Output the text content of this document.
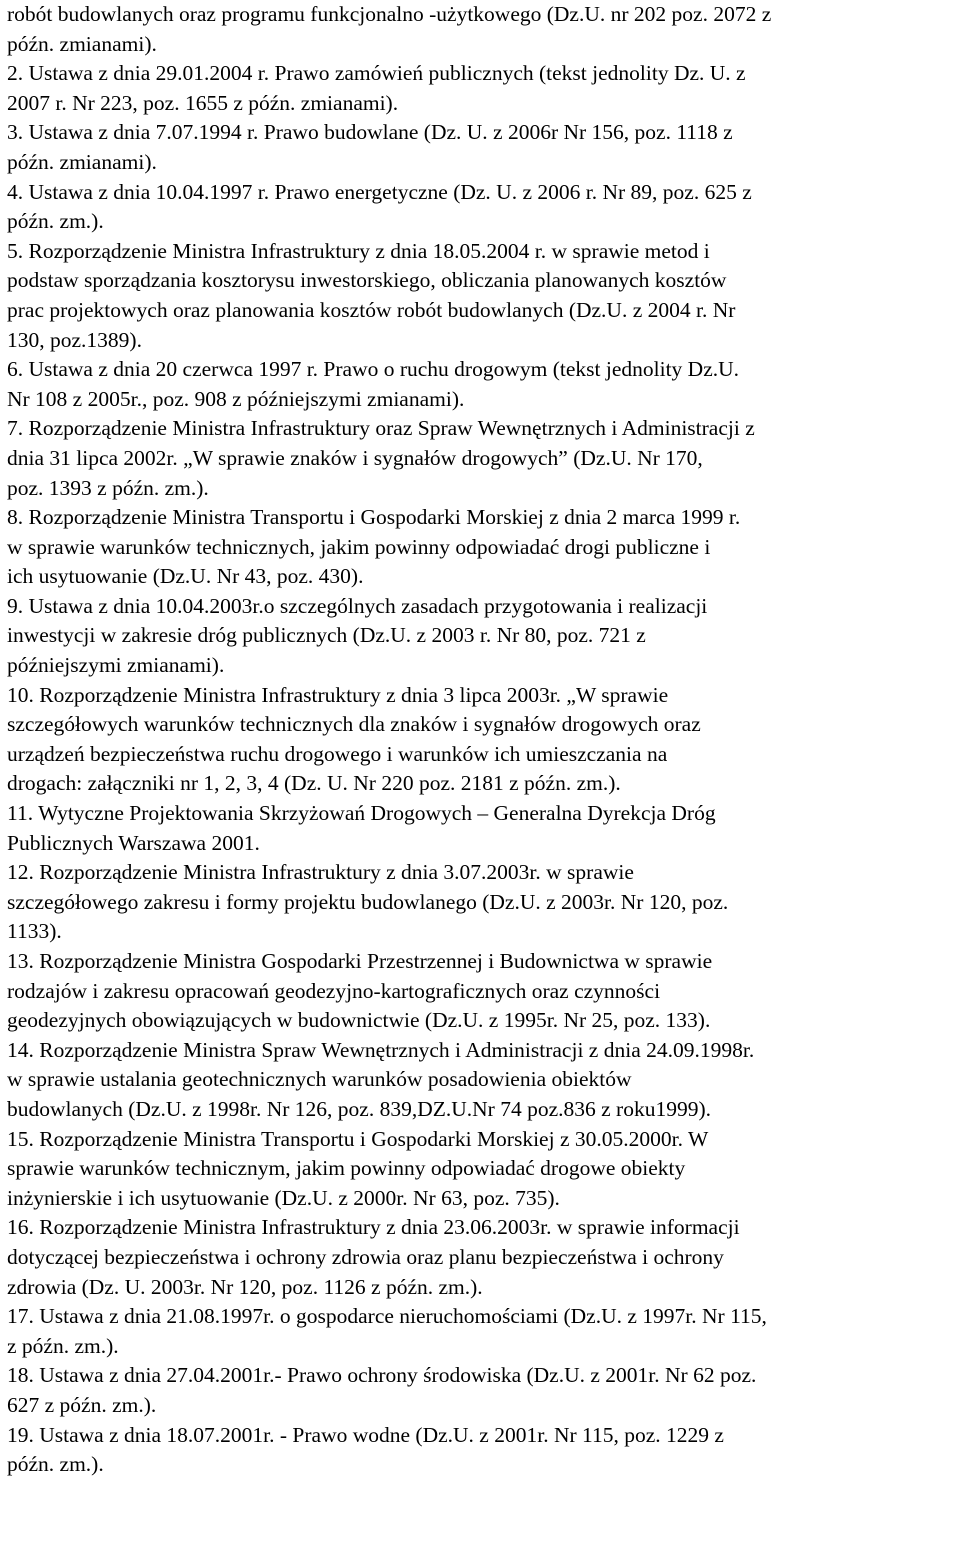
robót budowlanych oraz programu funkcjonalno -użytkowego (Dz.U. nr 202 poz. 2072 z
późn. zmianami).
2. Ustawa z dnia 29.01.2004 r. Prawo zamówień publicznych (tekst jednolity Dz. U. z
2007 r. Nr 223, poz. 1655 z późn. zmianami).
3. Ustawa z dnia 7.07.1994 r. Prawo budowlane (Dz. U. z 2006r Nr 156, poz. 1118 z
późn. zmianami).
4. Ustawa z dnia 10.04.1997 r. Prawo energetyczne (Dz. U. z 2006 r. Nr 89, poz. 625 z
późn. zm.).
5. Rozporządzenie Ministra Infrastruktury z dnia 18.05.2004 r. w sprawie metod i
podstaw sporządzania kosztorysu inwestorskiego, obliczania planowanych kosztów
prac projektowych oraz planowania kosztów robót budowlanych (Dz.U. z 2004 r. Nr
130, poz.1389).
6. Ustawa z dnia 20 czerwca 1997 r. Prawo o ruchu drogowym (tekst jednolity Dz.U.
Nr 108 z 2005r., poz. 908 z późniejszymi zmianami).
7. Rozporządzenie Ministra Infrastruktury oraz Spraw Wewnętrznych i Administracji z
dnia 31 lipca 2002r. „W sprawie znaków i sygnałów drogowych” (Dz.U. Nr 170,
poz. 1393 z późn. zm.).
8. Rozporządzenie Ministra Transportu i Gospodarki Morskiej z dnia 2 marca 1999 r.
w sprawie warunków technicznych, jakim powinny odpowiadać drogi publiczne i
ich usytuowanie (Dz.U. Nr 43, poz. 430).
9. Ustawa z dnia 10.04.2003r.o szczególnych zasadach przygotowania i realizacji
inwestycji w zakresie dróg publicznych (Dz.U. z 2003 r. Nr 80, poz. 721 z
późniejszymi zmianami).
10. Rozporządzenie Ministra Infrastruktury z dnia 3 lipca 2003r. „W sprawie
szczegółowych warunków technicznych dla znaków i sygnałów drogowych oraz
urządzeń bezpieczeństwa ruchu drogowego i warunków ich umieszczania na
drogach: załączniki nr 1, 2, 3, 4 (Dz. U. Nr 220 poz. 2181 z późn. zm.).
11. Wytyczne Projektowania Skrzyżowań Drogowych – Generalna Dyrekcja Dróg
Publicznych Warszawa 2001.
12. Rozporządzenie Ministra Infrastruktury z dnia 3.07.2003r. w sprawie
szczegółowego zakresu i formy projektu budowlanego (Dz.U. z 2003r. Nr 120, poz.
1133).
13. Rozporządzenie Ministra Gospodarki Przestrzennej i Budownictwa w sprawie
rodzajów i zakresu opracowań geodezyjno-kartograficznych oraz czynności
geodezyjnych obowiązujących w budownictwie (Dz.U. z 1995r. Nr 25, poz. 133).
14. Rozporządzenie Ministra Spraw Wewnętrznych i Administracji z dnia 24.09.1998r.
w sprawie ustalania geotechnicznych warunków posadowienia obiektów
budowlanych (Dz.U. z 1998r. Nr 126, poz. 839,DZ.U.Nr 74 poz.836 z roku1999).
15. Rozporządzenie Ministra Transportu i Gospodarki Morskiej z 30.05.2000r. W
sprawie warunków technicznym, jakim powinny odpowiadać drogowe obiekty
inżynierskie i ich usytuowanie (Dz.U. z 2000r. Nr 63, poz. 735).
16. Rozporządzenie Ministra Infrastruktury z dnia 23.06.2003r. w sprawie informacji
dotyczącej bezpieczeństwa i ochrony zdrowia oraz planu bezpieczeństwa i ochrony
zdrowia (Dz. U. 2003r. Nr 120, poz. 1126 z późn. zm.).
17. Ustawa z dnia 21.08.1997r. o gospodarce nieruchomościami (Dz.U. z 1997r. Nr 115,
z późn. zm.).
18. Ustawa z dnia 27.04.2001r.- Prawo ochrony środowiska (Dz.U. z 2001r. Nr 62 poz.
627 z późn. zm.).
19. Ustawa z dnia 18.07.2001r. - Prawo wodne (Dz.U. z 2001r. Nr 115, poz. 1229 z
późn. zm.).
